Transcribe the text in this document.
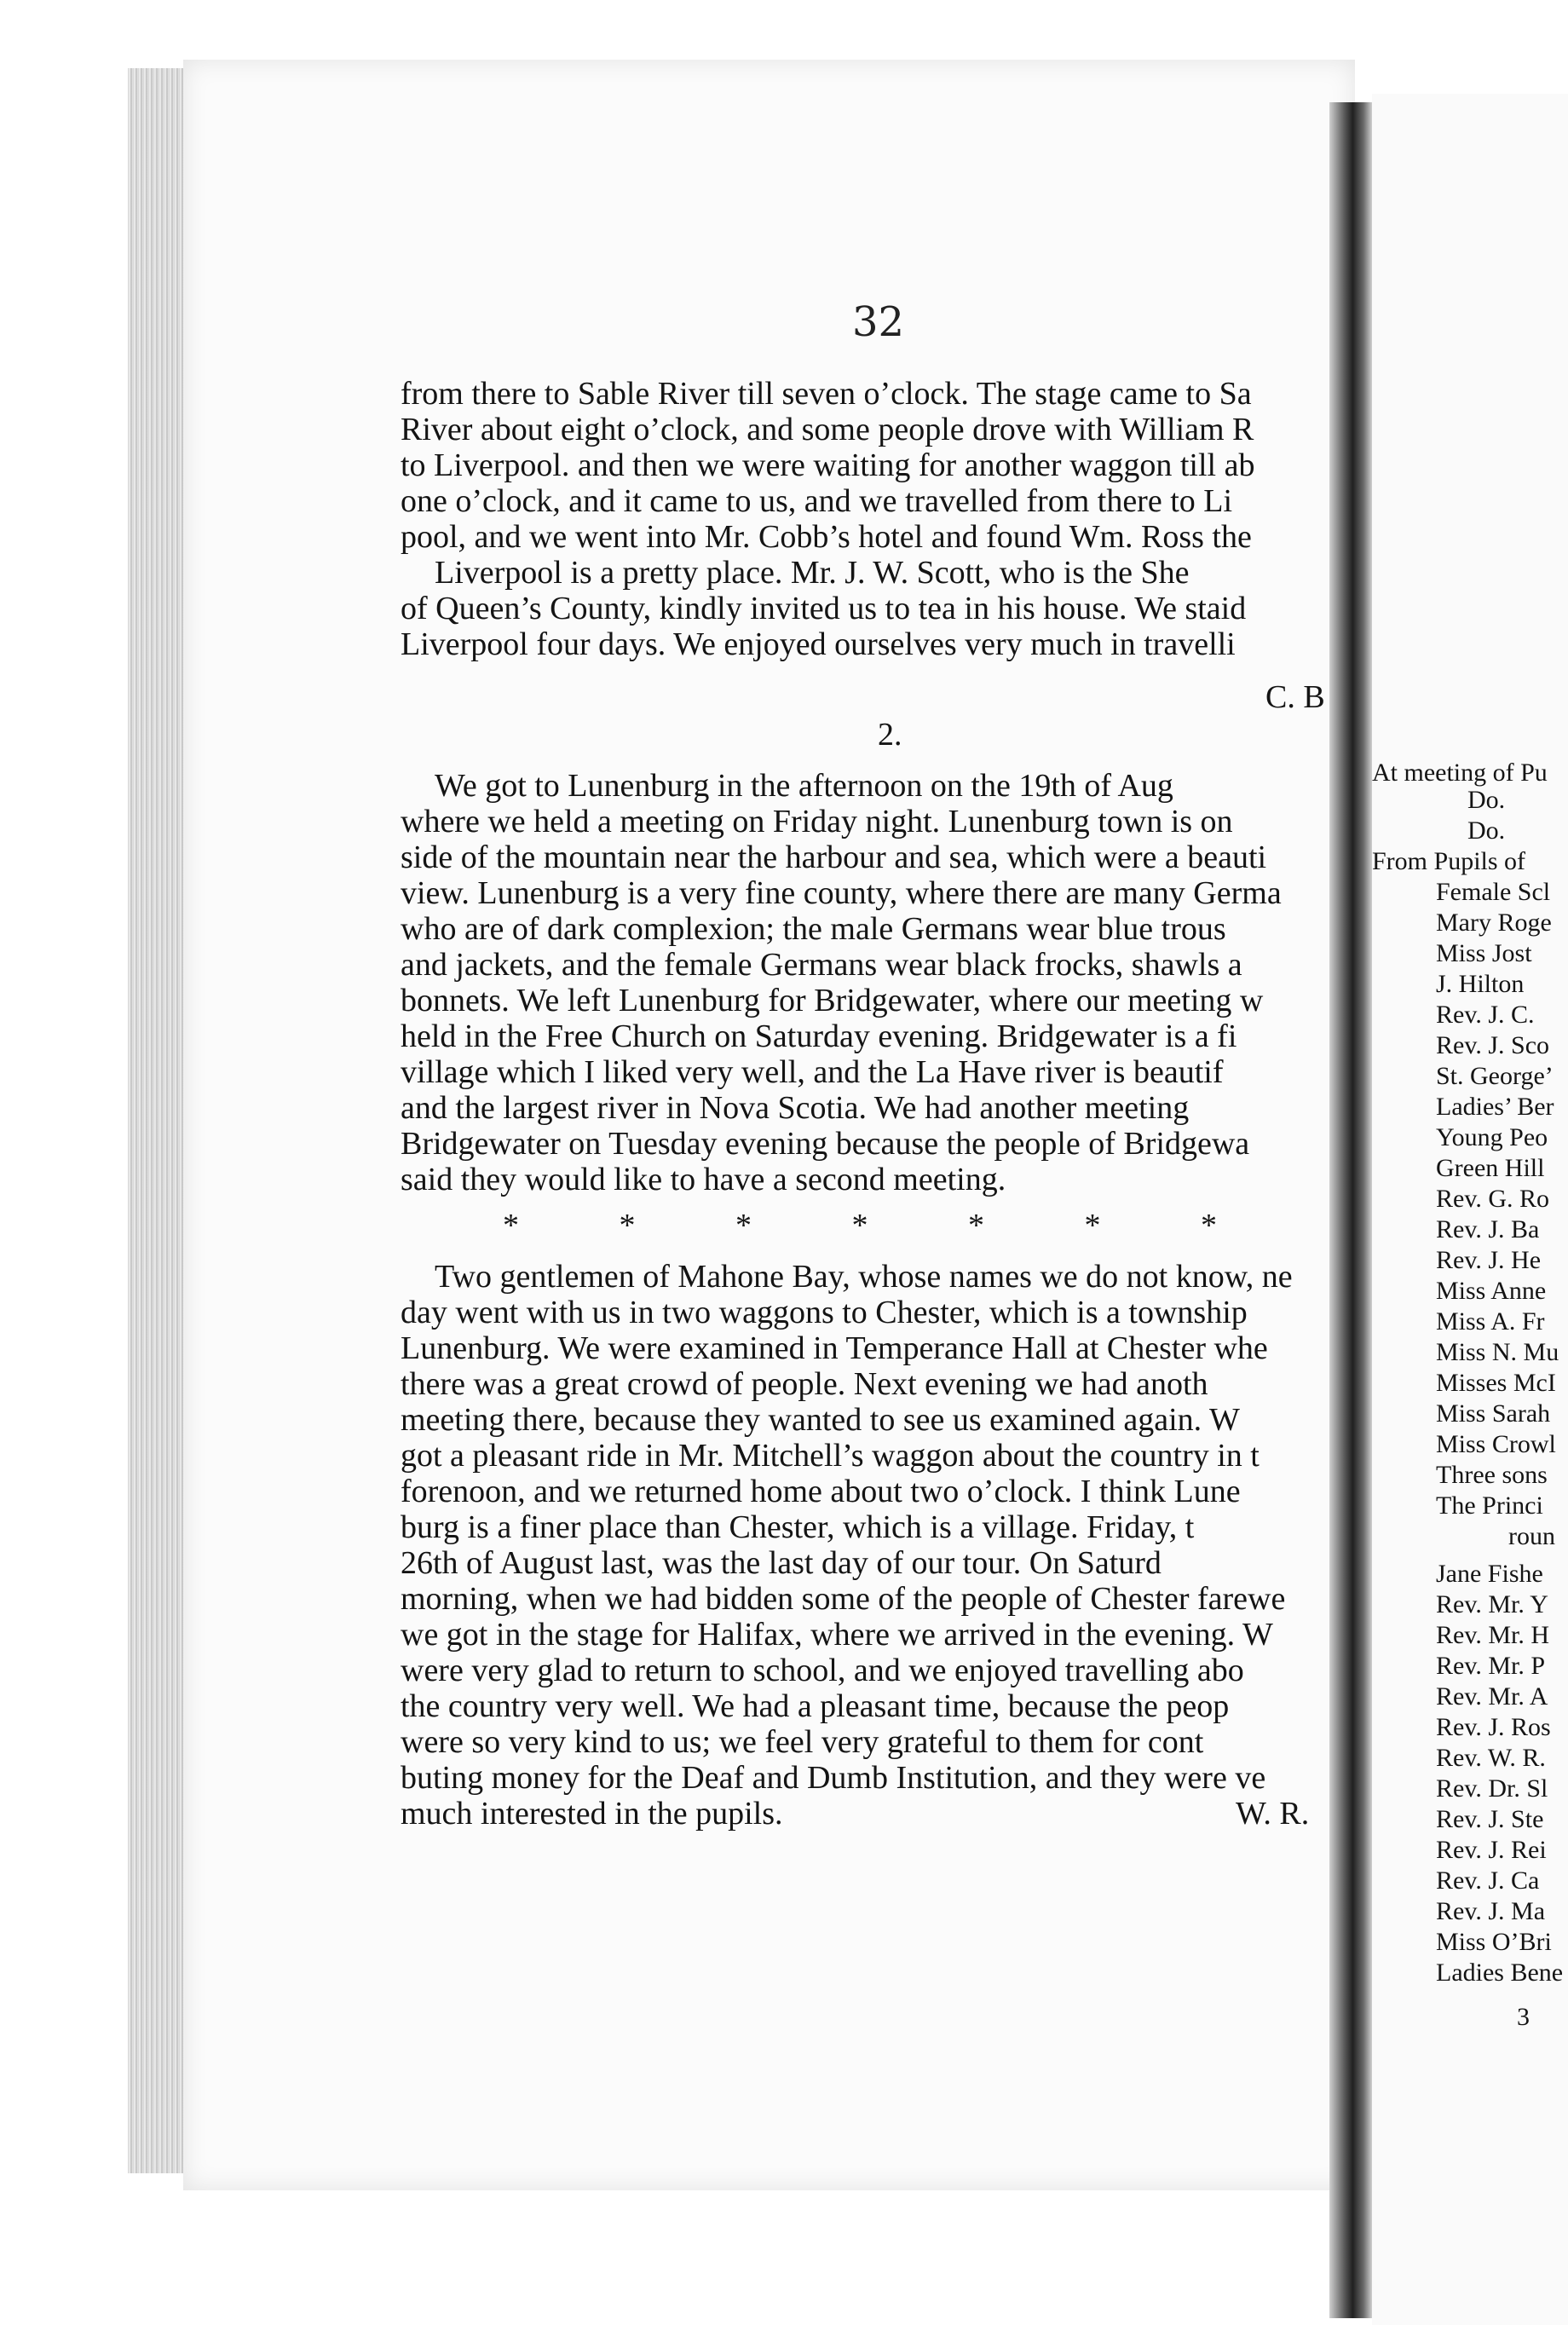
32
from there to Sable River till seven o’clock. The stage came to Sa
River about eight o’clock, and some people drove with William R
to Liverpool. and then we were waiting for another waggon till ab
one o’clock, and it came to us, and we travelled from there to Li
pool, and we went into Mr. Cobb’s hotel and found Wm. Ross the
Liverpool is a pretty place. Mr. J. W. Scott, who is the She
of Queen’s County, kindly invited us to tea in his house. We staid
Liverpool four days. We enjoyed ourselves very much in travelli
C. B
2.
We got to Lunenburg in the afternoon on the 19th of Aug
where we held a meeting on Friday night. Lunenburg town is on
side of the mountain near the harbour and sea, which were a beauti
view. Lunenburg is a very fine county, where there are many Germa
who are of dark complexion; the male Germans wear blue trous
and jackets, and the female Germans wear black frocks, shawls a
bonnets. We left Lunenburg for Bridgewater, where our meeting w
held in the Free Church on Saturday evening. Bridgewater is a fi
village which I liked very well, and the La Have river is beautif
and the largest river in Nova Scotia. We had another meeting
Bridgewater on Tuesday evening because the people of Bridgewa
said they would like to have a second meeting.
* * * * * * *
Two gentlemen of Mahone Bay, whose names we do not know, ne
day went with us in two waggons to Chester, which is a township
Lunenburg. We were examined in Temperance Hall at Chester whe
there was a great crowd of people. Next evening we had anoth
meeting there, because they wanted to see us examined again. W
got a pleasant ride in Mr. Mitchell’s waggon about the country in t
forenoon, and we returned home about two o’clock. I think Lune
burg is a finer place than Chester, which is a village. Friday, t
26th of August last, was the last day of our tour. On Saturd
morning, when we had bidden some of the people of Chester farewe
we got in the stage for Halifax, where we arrived in the evening. W
were very glad to return to school, and we enjoyed travelling abo
the country very well. We had a pleasant time, because the peop
were so very kind to us; we feel very grateful to them for cont
buting money for the Deaf and Dumb Institution, and they were ve
much interested in the pupils.	W. R.
At meeting of Pu
Do.
Do.
From Pupils of
Female Scl
Mary Roge
Miss Jost
J. Hilton
Rev. J. C.
Rev. J. Sco
St. George’
Ladies’ Ber
Young Peo
Green Hill
Rev. G. Ro
Rev. J. Ba
Rev. J. He
Miss Anne
Miss A. Fr
Miss N. Mu
Misses McI
Miss Sarah
Miss Crowl
Three sons
The Princi
roun
Jane Fishe
Rev. Mr. Y
Rev. Mr. H
Rev. Mr. P
Rev. Mr. A
Rev. J. Ros
Rev. W. R.
Rev. Dr. Sl
Rev. J. Ste
Rev. J. Rei
Rev. J. Ca
Rev. J. Ma
Miss O’Bri
Ladies Bene
3
